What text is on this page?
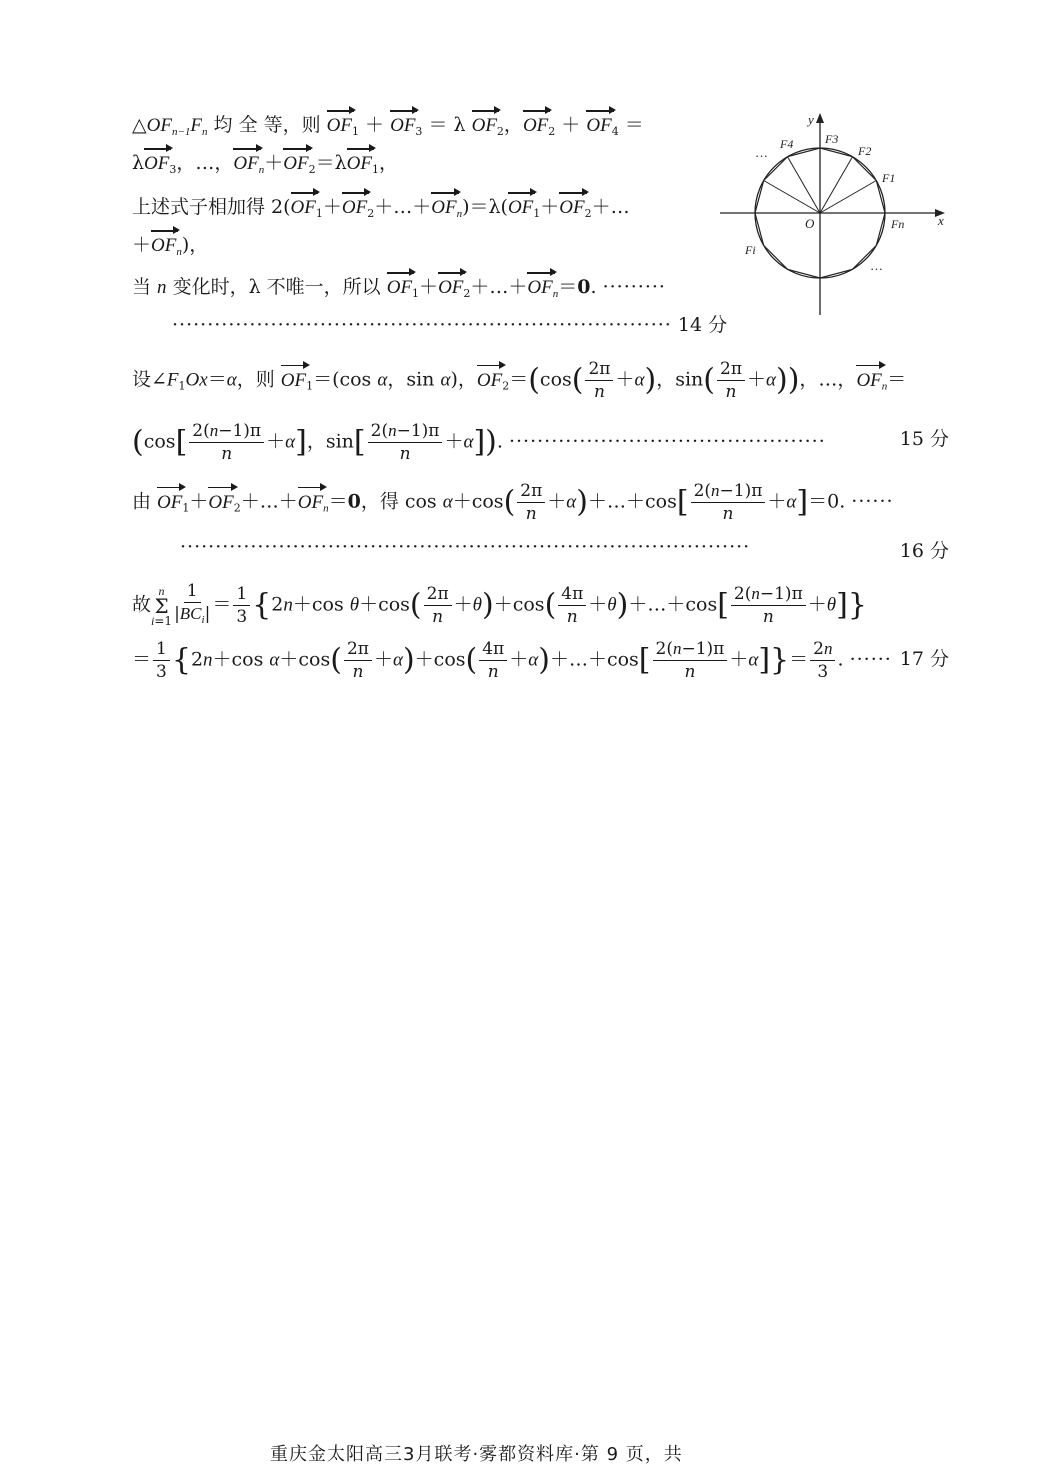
$\triangle OF_{n-1}F_n$ 均 全 等，则 $OF_1 + OF_3 = \lambda$ $OF_2$，$OF_2 + OF_4$ ＝
λOF$_3$，…，$OF_n+OF_2=\lambda OF_1$，
上述式子相加得 $2(OF_1+OF_2+\dots+OF_n)=\lambda(OF_1+OF_2+\dots$
$+OF_n$)，
当 n 变化时，λ 不唯一，所以 $OF_1+OF_2+\dots+OF_n=0$. ·········
······································································· 14 分
设$\angle F_1Ox=\alpha$，则 $OF_1=(\cos$ α，sin α)，$OF_2=(\cos( \frac{2\pi}{n} +\alpha)$，$\sin( \frac{2\pi}{n} +\alpha)$)，…，$OF_n=$
($\cos[ \frac{2(n-1)\pi}{n} +\alpha]$，$\sin[ \frac{2(n-1)\pi}{n} +\alpha]$). ·············································	15 分
由 $OF_1+OF_2+\dots+OF_n=0$，得 $\cos \alpha+\cos( \frac{2\pi}{n}$ ＋α)＋…＋cos[ $\frac{2(n-1)\pi}{n} +\alpha]=0$. ······
·················································································	16 分
故
n
Σ
$i=1 \frac{1}{|BC_i|} = \frac{1}{3} \{2n+\cos$ $\theta+\cos( \frac{2\pi}{n} +\theta)+\cos( \frac{4\pi}{n}$ ＋θ)＋…＋cos[ $\frac{2(n-1)\pi}{n} +\theta$]}
＝ $\frac{1}{3} \{2n+\cos$ $\alpha+\cos( \frac{2\pi}{n} +\alpha)+\cos( \frac{4\pi}{n}$ ＋α)＋…＋cos[ $\frac{2(n-1)\pi}{n} +\alpha]\}= \frac{2n}{3}$ . ······ 17 分
y
x
O
F1
F2
F3
F4
Fn
Fi
…
…
重庆金太阳高三3月联考·雾都资料库·第 9 页，共
